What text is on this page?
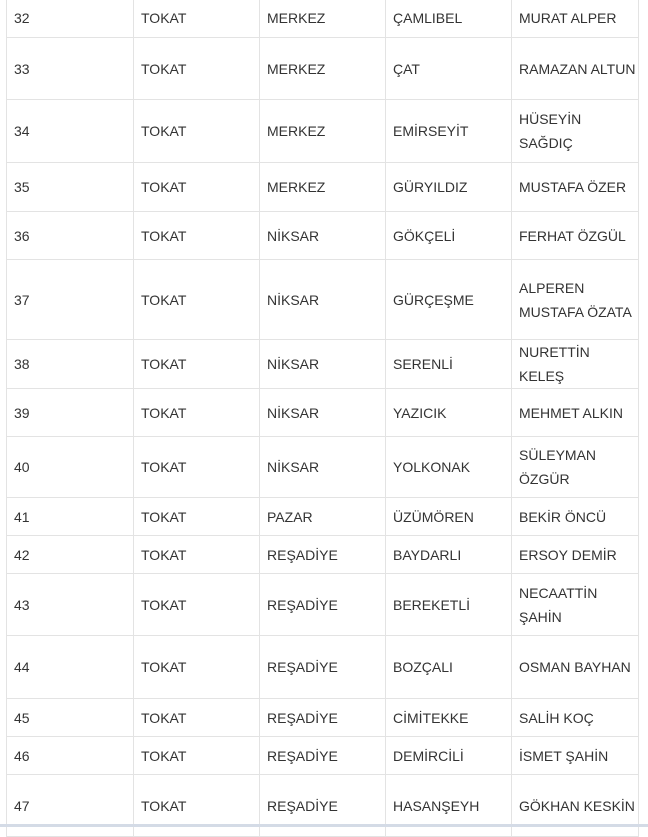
32	TOKAT	MERKEZ	ÇAMLIBEL	MURAT ALPER
33	TOKAT	MERKEZ	ÇAT	RAMAZAN ALTUN
34	TOKAT	MERKEZ	EMİRSEYİT	HÜSEYİN SAĞDIÇ
35	TOKAT	MERKEZ	GÜRYILDIZ	MUSTAFA ÖZER
36	TOKAT	NİKSAR	GÖKÇELİ	FERHAT ÖZGÜL
37	TOKAT	NİKSAR	GÜRÇEŞME	ALPEREN MUSTAFA ÖZATA
38	TOKAT	NİKSAR	SERENLİ	NURETTİN KELEŞ
39	TOKAT	NİKSAR	YAZICIK	MEHMET ALKIN
40	TOKAT	NİKSAR	YOLKONAK	SÜLEYMAN ÖZGÜR
41	TOKAT	PAZAR	ÜZÜMÖREN	BEKİR ÖNCÜ
42	TOKAT	REŞADİYE	BAYDARLI	ERSOY DEMİR
43	TOKAT	REŞADİYE	BEREKETLİ	NECAATTİN ŞAHİN
44	TOKAT	REŞADİYE	BOZÇALI	OSMAN BAYHAN
45	TOKAT	REŞADİYE	CİMİTEKKE	SALİH KOÇ
46	TOKAT	REŞADİYE	DEMİRCİLİ	İSMET ŞAHİN
47	TOKAT	REŞADİYE	HASANŞEYH	GÖKHAN KESKİN
